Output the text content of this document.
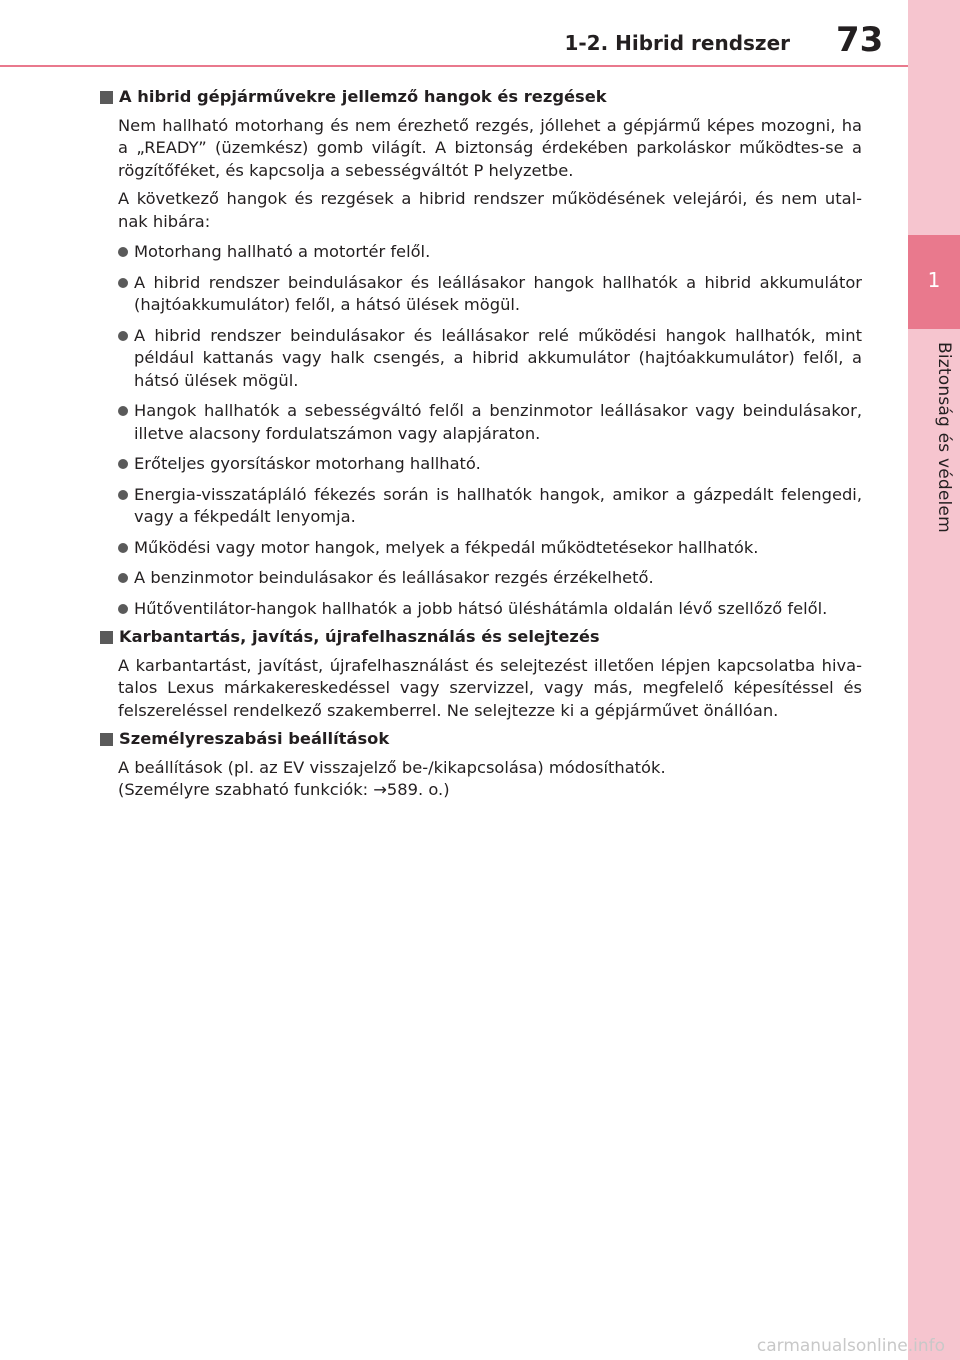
1
Biztonság és védelem
1-2. Hibrid rendszer 73
A hibrid gépjárművekre jellemző hangok és rezgések
Nem hallható motorhang és nem érezhető rezgés, jóllehet a gépjármű képes mozogni, ha a „READY” (üzemkész) gomb világít. A biztonság érdekében parkoláskor működtes-se a rögzítőféket, és kapcsolja a sebességváltót P helyzetbe.
A következő hangok és rezgések a hibrid rendszer működésének velejárói, és nem utal-nak hibára:
Motorhang hallható a motortér felől.
A hibrid rendszer beindulásakor és leállásakor hangok hallhatók a hibrid akkumulátor (hajtóakkumulátor) felől, a hátsó ülések mögül.
A hibrid rendszer beindulásakor és leállásakor relé működési hangok hallhatók, mint például kattanás vagy halk csengés, a hibrid akkumulátor (hajtóakkumulátor) felől, a hátsó ülések mögül.
Hangok hallhatók a sebességváltó felől a benzinmotor leállásakor vagy beindulásakor, illetve alacsony fordulatszámon vagy alapjáraton.
Erőteljes gyorsításkor motorhang hallható.
Energia-visszatápláló fékezés során is hallhatók hangok, amikor a gázpedált felengedi, vagy a fékpedált lenyomja.
Működési vagy motor hangok, melyek a fékpedál működtetésekor hallhatók.
A benzinmotor beindulásakor és leállásakor rezgés érzékelhető.
Hűtőventilátor-hangok hallhatók a jobb hátsó üléshátámla oldalán lévő szellőző felől.
Karbantartás, javítás, újrafelhasználás és selejtezés
A karbantartást, javítást, újrafelhasználást és selejtezést illetően lépjen kapcsolatba hiva-talos Lexus márkakereskedéssel vagy szervizzel, vagy más, megfelelő képesítéssel és felszereléssel rendelkező szakemberrel. Ne selejtezze ki a gépjárművet önállóan.
Személyreszabási beállítások
A beállítások (pl. az EV visszajelző be-/kikapcsolása) módosíthatók.
(Személyre szabható funkciók: →589. o.)
carmanualsonline.info
